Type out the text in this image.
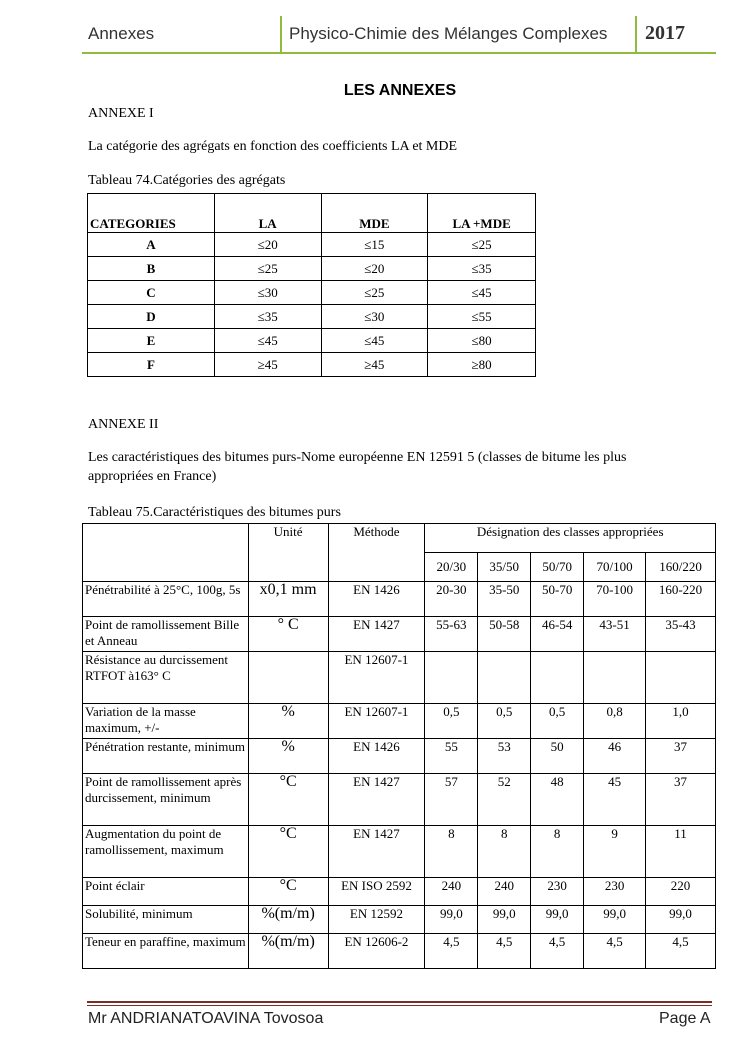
Annexes	Physico-Chimie des Mélanges Complexes 2017
LES ANNEXES
ANNEXE I
La catégorie des agrégats en fonction des coefficients LA et MDE
Tableau 74.Catégories des agrégats
CATEGORIES	LA	MDE	LA +MDE
A	≤20	≤15	≤25
B	≤25	≤20	≤35
C	≤30	≤25	≤45
D	≤35	≤30	≤55
E	≤45	≤45	≤80
F	≥45	≥45	≥80
ANNEXE II
Les caractéristiques des bitumes purs-Nome européenne EN 12591 5 (classes de bitume les plus
appropriées en France)
Tableau 75.Caractéristiques des bitumes purs
	Unité	Méthode	Désignation des classes appropriées				
			20/30	35/50	50/70	70/100	160/220
Pénétrabilité à 25°C, 100g, 5s	x0,1 mm	EN 1426	20-30	35-50	50-70	70-100	160-220
Point de ramollissement Bille et Anneau	° C	EN 1427	55-63	50-58	46-54	43-51	35-43
Résistance au durcissement RTFOT à163° C		EN 12607-1					
Variation de la masse maximum, +/-	%	EN 12607-1	0,5	0,5	0,5	0,8	1,0
Pénétration restante, minimum	%	EN 1426	55	53	50	46	37
Point de ramollissement après durcissement, minimum	°C	EN 1427	57	52	48	45	37
Augmentation du point de ramollissement, maximum	°C	EN 1427	8	8	8	9	11
Point éclair	°C	EN ISO 2592	240	240	230	230	220
Solubilité, minimum	%(m/m)	EN 12592	99,0	99,0	99,0	99,0	99,0
Teneur en paraffine, maximum	%(m/m)	EN 12606-2	4,5	4,5	4,5	4,5	4,5
Mr ANDRIANATOAVINA Tovosoa	Page A
